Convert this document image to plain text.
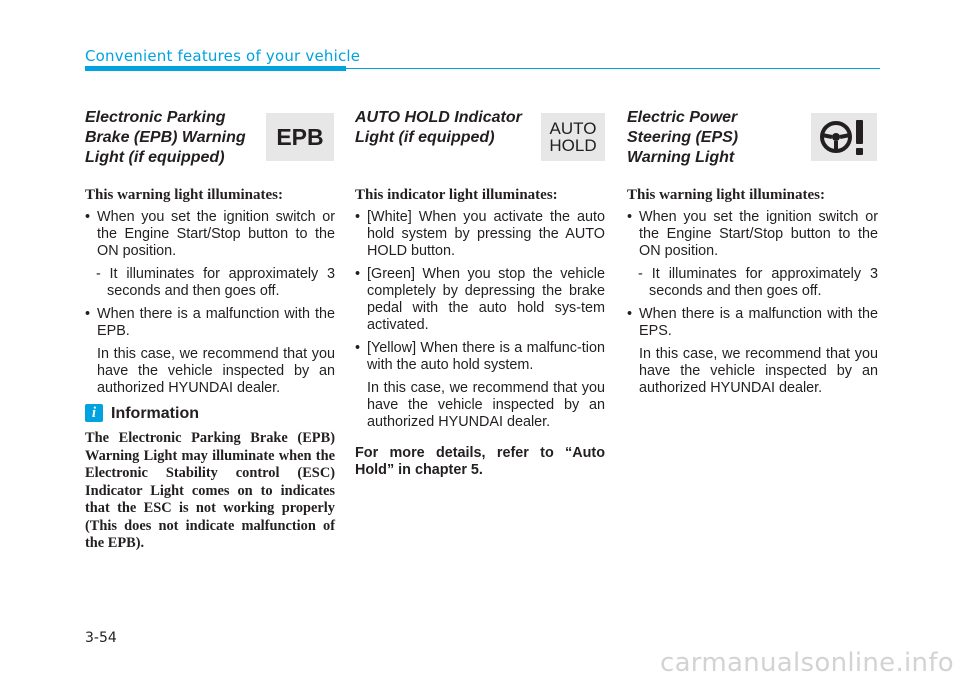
Convenient features of your vehicle
Electronic Parking
Brake (EPB) Warning
Light (if equipped)
EPB
This warning light illuminates:

• When you set the ignition switch or the Engine Start/Stop button to the ON position.

- It illuminates for approximately 3 seconds and then goes off.

• When there is a malfunction with the EPB.

In this case, we recommend that you have the vehicle inspected by an authorized HYUNDAI dealer.

i Information
The Electronic Parking Brake (EPB) Warning Light may illuminate when the Electronic Stability control (ESC) Indicator Light comes on to indicates that the ESC is not working properly (This does not indicate malfunction of the EPB).
AUTO HOLD Indicator
Light (if equipped)	AUTO
HOLD
This indicator light illuminates:

• [White] When you activate the auto hold system by pressing the AUTO HOLD button.

• [Green] When you stop the vehicle completely by depressing the brake pedal with the auto hold sys-tem activated.

• [Yellow] When there is a malfunc-tion with the auto hold system.

In this case, we recommend that you have the vehicle inspected by an authorized HYUNDAI dealer.

For more details, refer to “Auto Hold” in chapter 5.

Electric Power
Steering (EPS)
Warning Light
This warning light illuminates:

• When you set the ignition switch or the Engine Start/Stop button to the ON position.

- It illuminates for approximately 3 seconds and then goes off.

• When there is a malfunction with the EPS.

In this case, we recommend that you have the vehicle inspected by an authorized HYUNDAI dealer.

3-54
carmanualsonline.info
